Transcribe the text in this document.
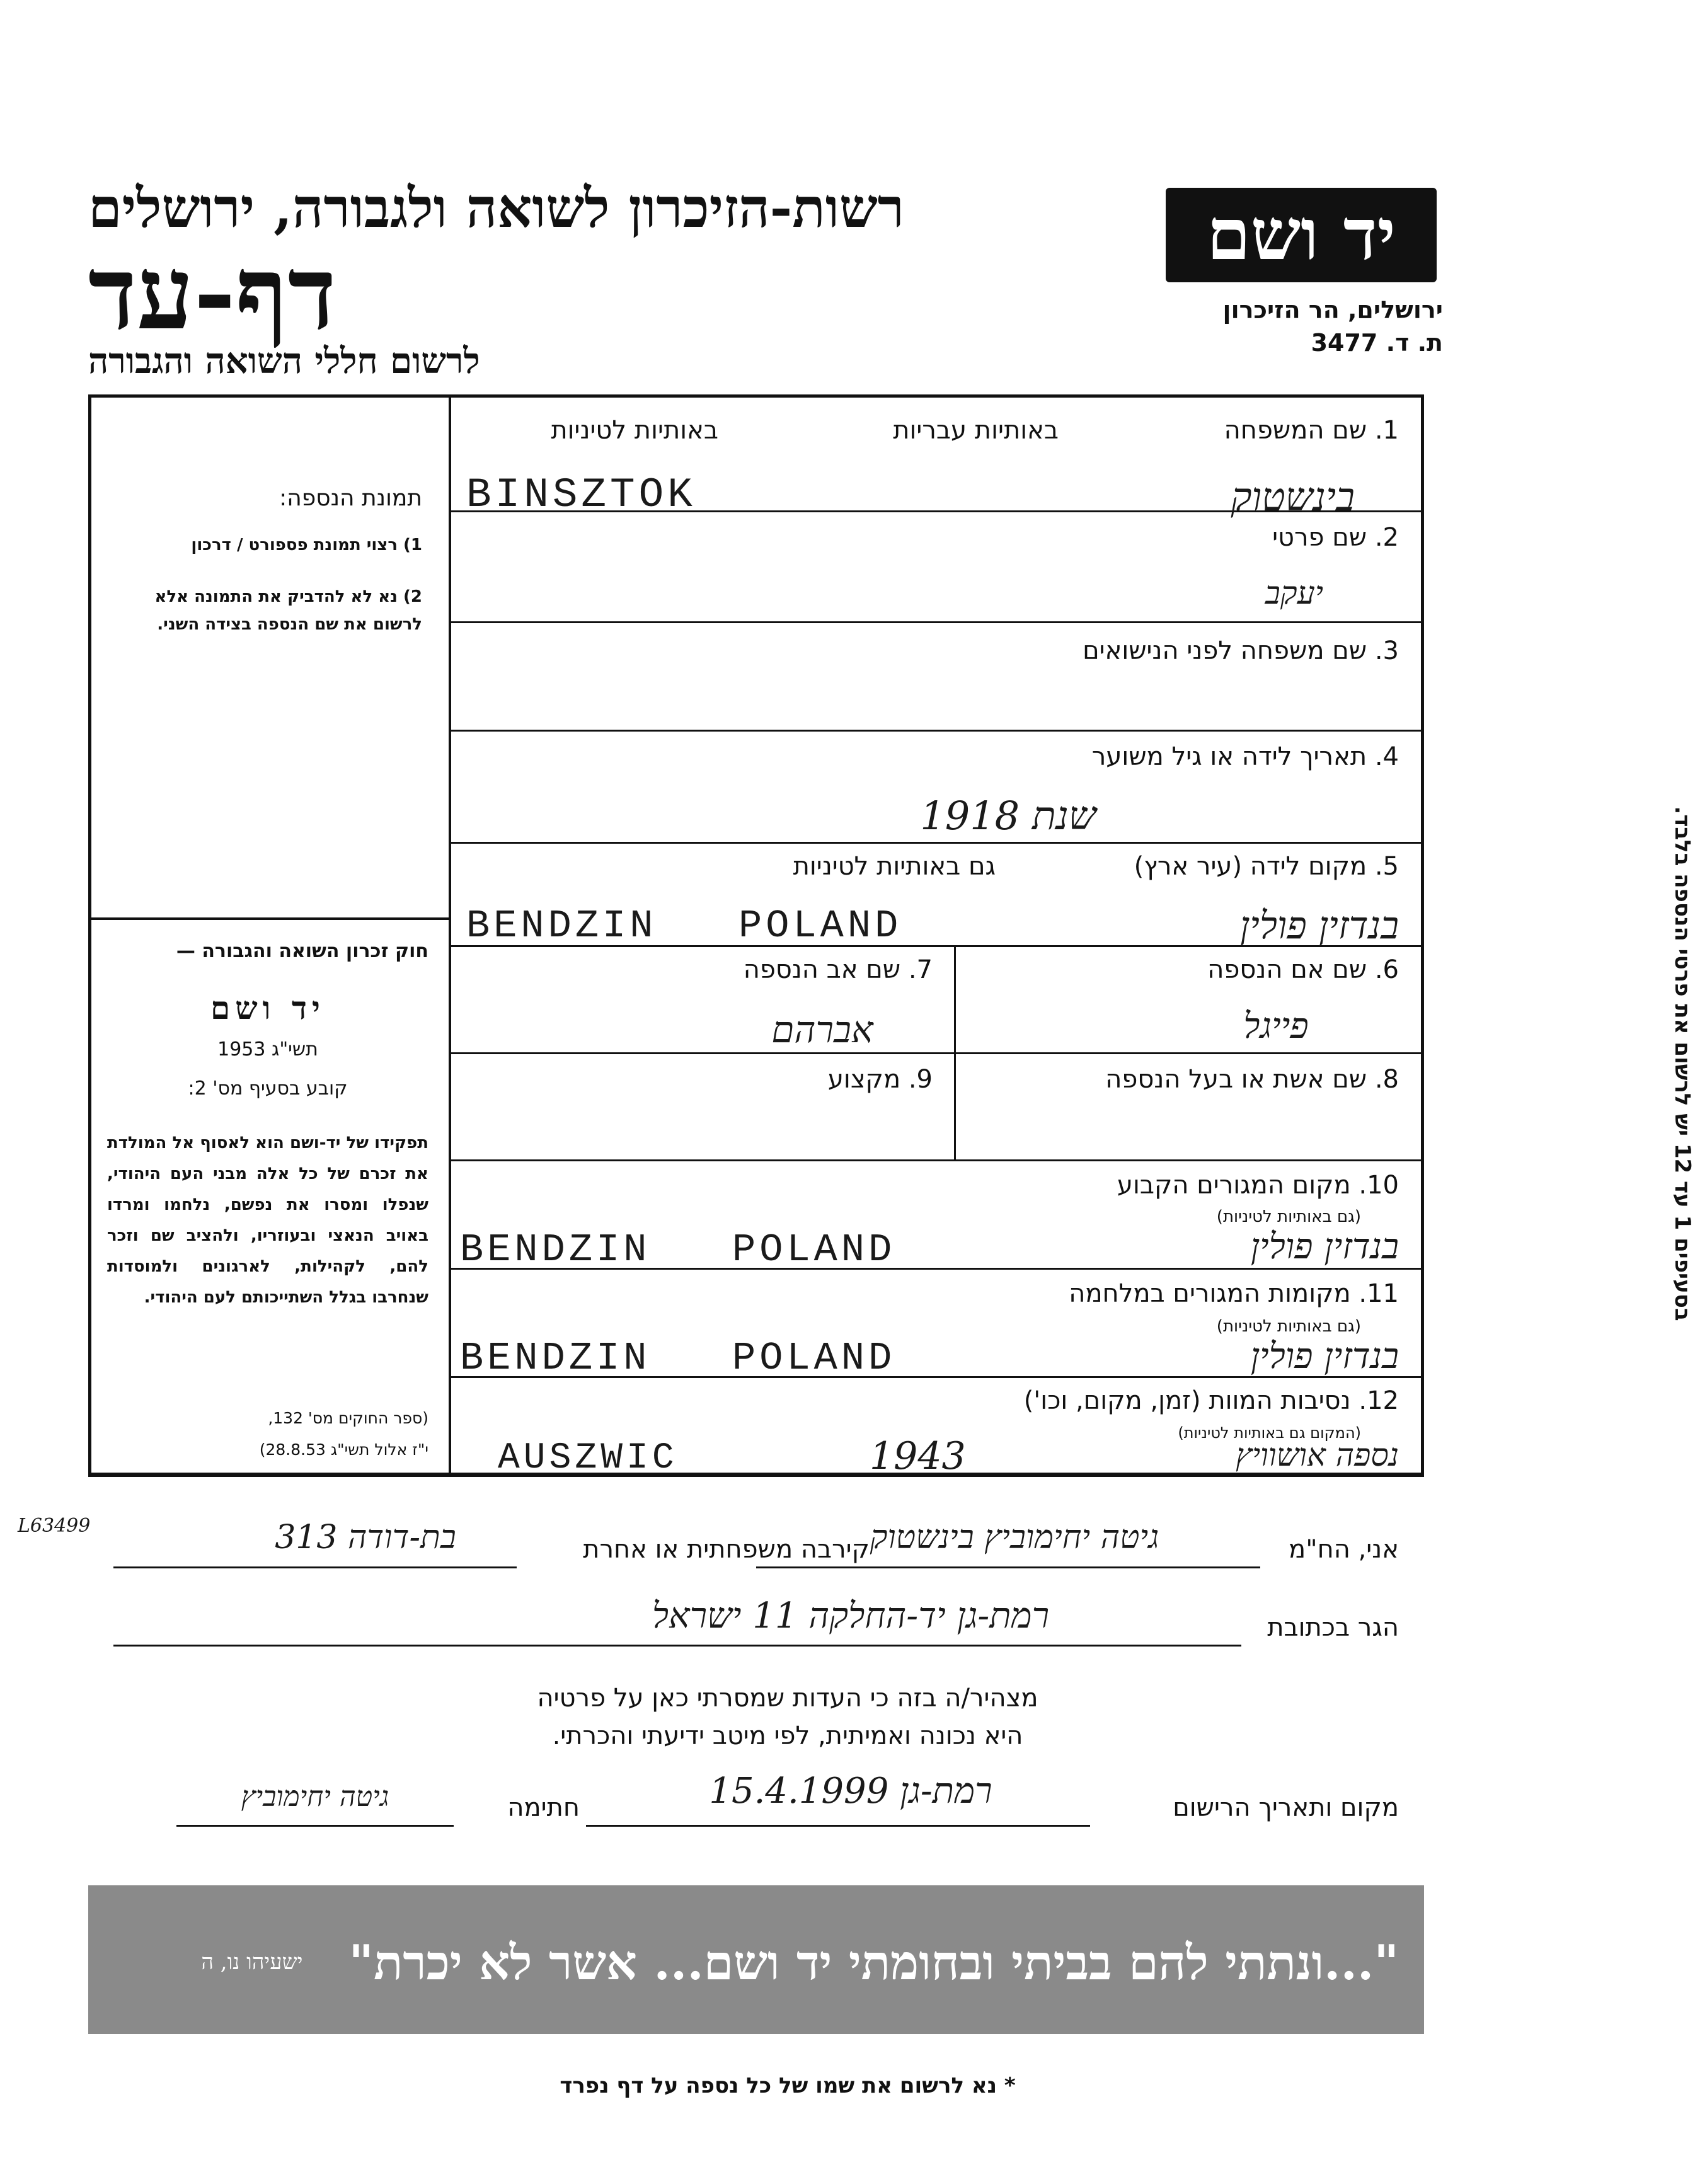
רשות-הזיכרון לשואה ולגבורה, ירושלים
דף-עד
לרשום חללי השואה והגבורה
יד ושם
ירושלים, הר הזיכרון
ת. ד. 3477
תמונת הנספה:
1) רצוי תמונת פספורט / דרכון
2) נא לא להדביק את התמונה אלא לרשום את שם הנספה בצידה השני.
חוק זכרון השואה והגבורה —
יד ושם
תשי"ג 1953
קובע בסעיף מס' 2:
תפקידו של יד-ושם הוא לאסוף אל המולדת את זכרם של כל אלה מבני העם היהודי, שנפלו ומסרו את נפשם, נלחמו ומרדו באויב הנאצי ובעוזריו, ולהציב שם וזכר להם, לקהילות, לארגונים ולמוסדות שנחרבו בגלל השתייכותם לעם היהודי.
(ספר החוקים מס' 132,
י"ז אלול תשי"ג 28.8.53)
1. שם המשפחה
באותיות עבריות
באותיות לטיניות
BINSZTOK	בינשטוק
2. שם פרטי
יעקב
3. שם משפחה לפני הנישואים
4. תאריך לידה או גיל משוער
שנת 1918
5. מקום לידה (עיר ארץ)
גם באותיות לטיניות
BENDZIN   POLAND	בנדזין פולין
6. שם אם הנספה
פייגל
7. שם אב הנספה
אברהם
8. שם אשת או בעל הנספה
9. מקצוע
10. מקום המגורים הקבוע
(גם באותיות לטיניות)
BENDZIN   POLAND	בנדזין פולין
11. מקומות המגורים במלחמה
(גם באותיות לטיניות)
BENDZIN   POLAND	בנדזין פולין
12. נסיבות המוות (זמן, מקום, וכו')
(המקום גם באותיות לטיניות)
AUSZWIC	1943	נספה אושוויץ
בסעיפים 1 עד 12 יש לרשום את פרטי הנספה בלבד.
L63499
אני, הח"מ
גיטה יחימוביץ בינשטוק
קירבה משפחתית או אחרת
בת-דודה 313
הגר בכתובת
רמת-גן יד-החלקה 11 ישראל
מצהיר/ה בזה כי העדות שמסרתי כאן על פרטיה
היא נכונה ואמיתית, לפי מיטב ידיעתי והכרתי.
מקום ותאריך הרישום
רמת-גן 15.4.1999
חתימה
גיטה יחימוביץ
"...ונתתי להם בביתי ובחומתי יד ושם... אשר לא יכרת"
ישעיהו נו, ה
* נא לרשום את שמו של כל נספה על דף נפרד
